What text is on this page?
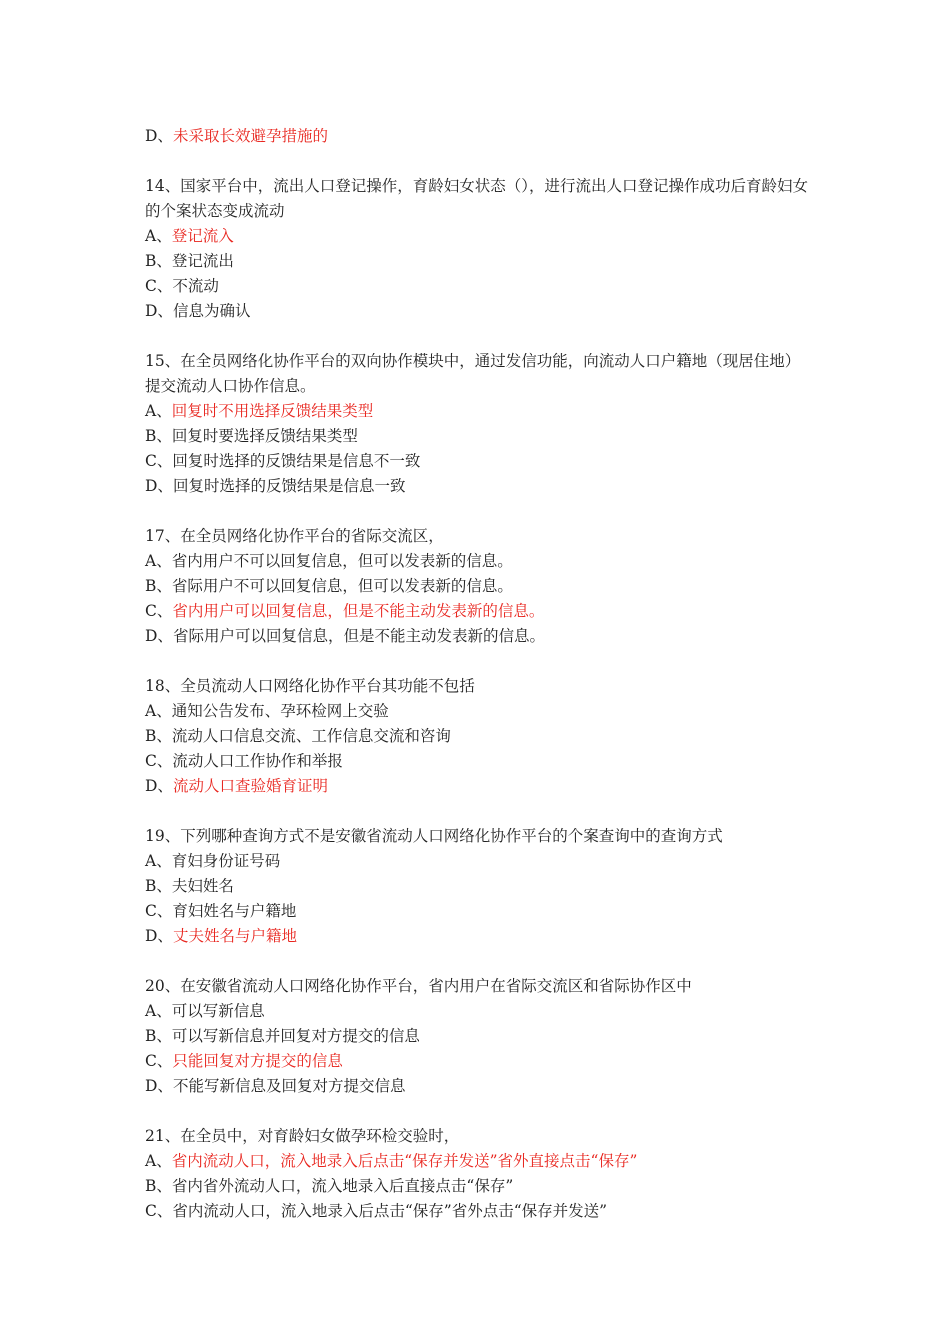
D、未采取长效避孕措施的
14、国家平台中，流出人口登记操作，育龄妇女状态（），进行流出人口登记操作成功后育龄妇女的个案状态变成流动
A、登记流入
B、登记流出
C、不流动
D、信息为确认
15、在全员网络化协作平台的双向协作模块中，通过发信功能，向流动人口户籍地（现居住地）提交流动人口协作信息。
A、回复时不用选择反馈结果类型
B、回复时要选择反馈结果类型
C、回复时选择的反馈结果是信息不一致
D、回复时选择的反馈结果是信息一致
17、在全员网络化协作平台的省际交流区，
A、省内用户不可以回复信息，但可以发表新的信息。
B、省际用户不可以回复信息，但可以发表新的信息。
C、省内用户可以回复信息，但是不能主动发表新的信息。
D、省际用户可以回复信息，但是不能主动发表新的信息。
18、全员流动人口网络化协作平台其功能不包括
A、通知公告发布、孕环检网上交验
B、流动人口信息交流、工作信息交流和咨询
C、流动人口工作协作和举报
D、流动人口查验婚育证明
19、下列哪种查询方式不是安徽省流动人口网络化协作平台的个案查询中的查询方式
A、育妇身份证号码
B、夫妇姓名
C、育妇姓名与户籍地
D、丈夫姓名与户籍地
20、在安徽省流动人口网络化协作平台，省内用户在省际交流区和省际协作区中
A、可以写新信息
B、可以写新信息并回复对方提交的信息
C、只能回复对方提交的信息
D、不能写新信息及回复对方提交信息
21、在全员中，对育龄妇女做孕环检交验时，
A、省内流动人口，流入地录入后点击“保存并发送”省外直接点击“保存”
B、省内省外流动人口，流入地录入后直接点击“保存”
C、省内流动人口，流入地录入后点击“保存”省外点击“保存并发送”
